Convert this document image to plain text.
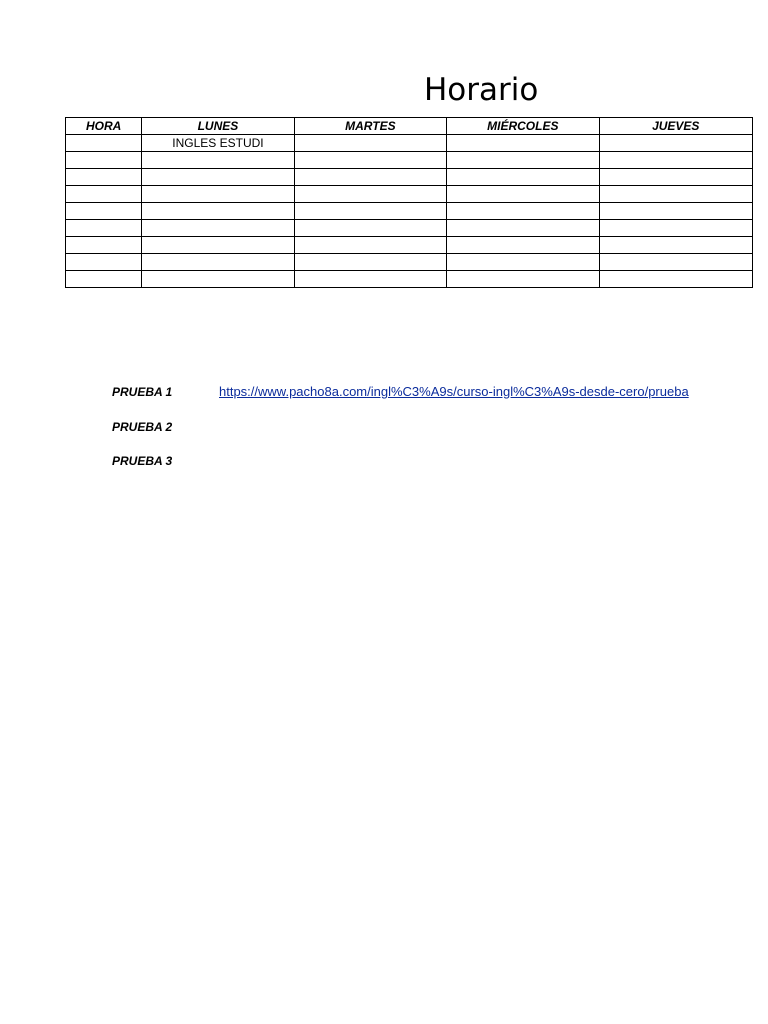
Horario
HORA	LUNES	MARTES	MIÉRCOLES	JUEVES
	INGLES ESTUDI			

PRUEBA 1	https://www.pacho8a.com/ingl%C3%A9s/curso-ingl%C3%A9s-desde-cero/prueba
PRUEBA 2
PRUEBA 3
